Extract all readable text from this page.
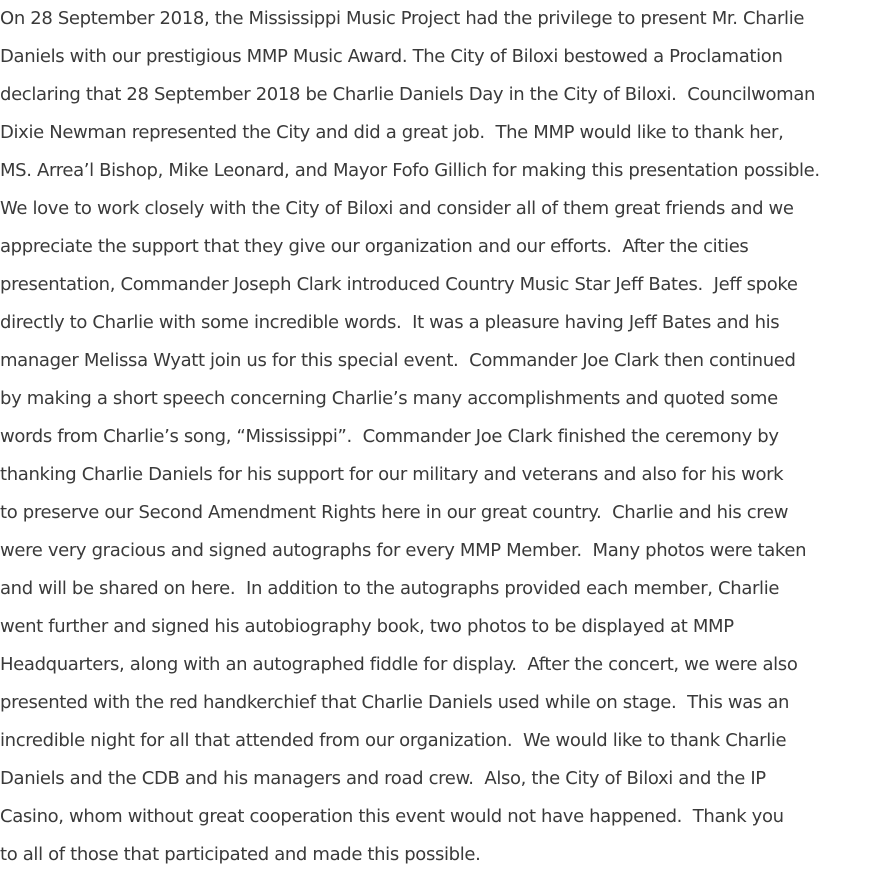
On 28 September 2018, the Mississippi Music Project had the privilege to present Mr. Charlie
Daniels with our prestigious MMP Music Award. The City of Biloxi bestowed a Proclamation
declaring that 28 September 2018 be Charlie Daniels Day in the City of Biloxi.  Councilwoman
Dixie Newman represented the City and did a great job.  The MMP would like to thank her,
MS. Arrea’l Bishop, Mike Leonard, and Mayor Fofo Gillich for making this presentation possible.
We love to work closely with the City of Biloxi and consider all of them great friends and we
appreciate the support that they give our organization and our efforts.  After the cities
presentation, Commander Joseph Clark introduced Country Music Star Jeff Bates.  Jeff spoke
directly to Charlie with some incredible words.  It was a pleasure having Jeff Bates and his
manager Melissa Wyatt join us for this special event.  Commander Joe Clark then continued
by making a short speech concerning Charlie’s many accomplishments and quoted some
words from Charlie’s song, “Mississippi”.  Commander Joe Clark finished the ceremony by
thanking Charlie Daniels for his support for our military and veterans and also for his work
to preserve our Second Amendment Rights here in our great country.  Charlie and his crew
were very gracious and signed autographs for every MMP Member.  Many photos were taken
and will be shared on here.  In addition to the autographs provided each member, Charlie
went further and signed his autobiography book, two photos to be displayed at MMP
Headquarters, along with an autographed fiddle for display.  After the concert, we were also
presented with the red handkerchief that Charlie Daniels used while on stage.  This was an
incredible night for all that attended from our organization.  We would like to thank Charlie
Daniels and the CDB and his managers and road crew.  Also, the City of Biloxi and the IP
Casino, whom without great cooperation this event would not have happened.  Thank you
to all of those that participated and made this possible.
